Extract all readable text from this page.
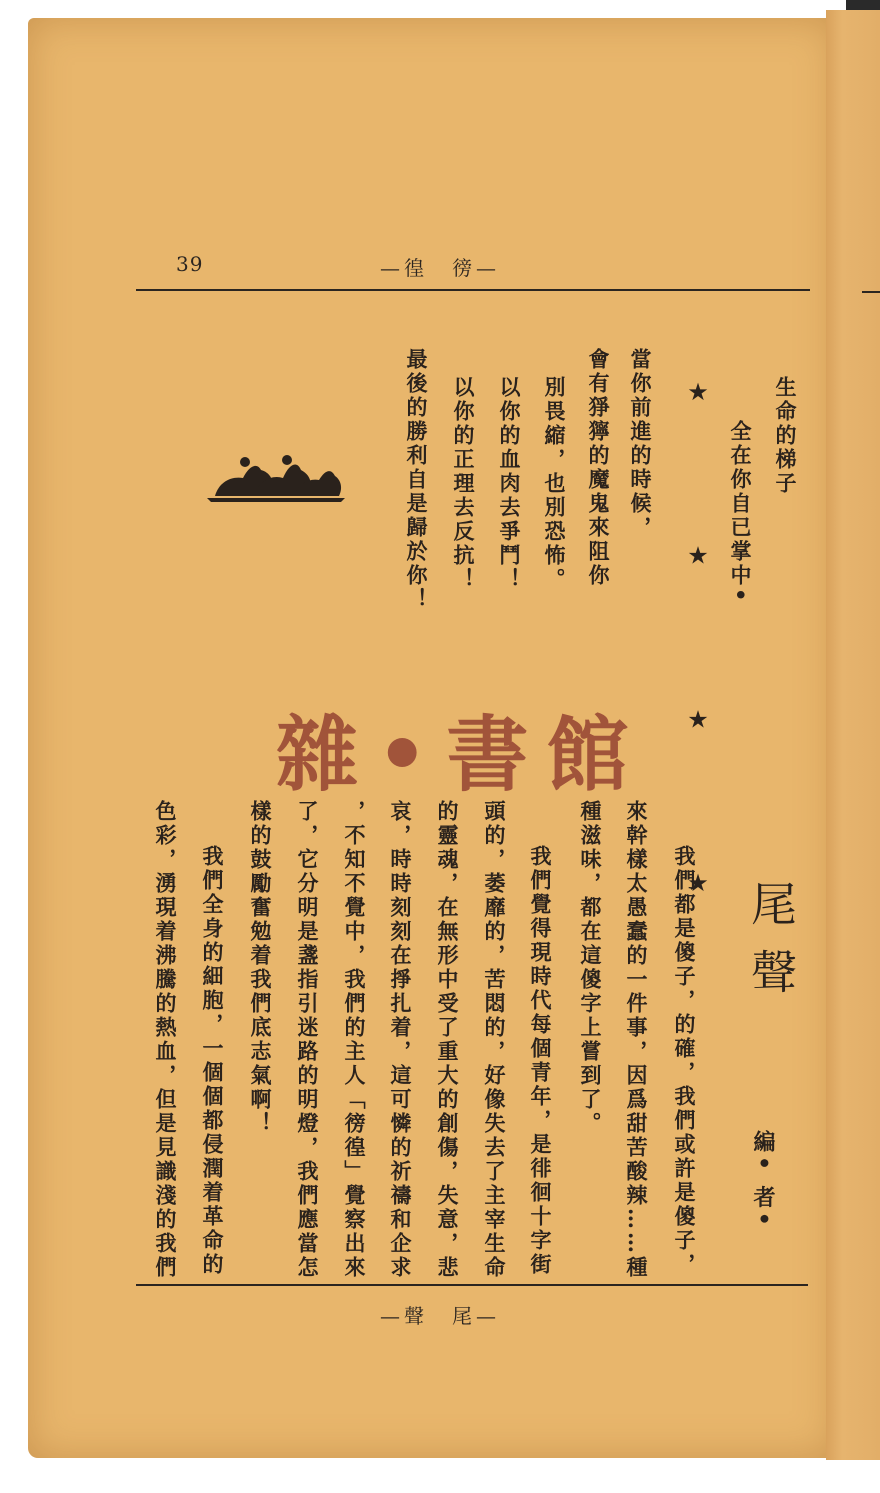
39	—徨　徬—
生命的梯子
全在你自已掌中•
★ ★ ★ ★
當你前進的時候，
會有猙獰的魔鬼來阻你
別畏縮，也別恐怖。
以你的血肉去爭鬥！
以你的正理去反抗！
最後的勝利自是歸於你！
雜•書館
尾聲
編• 者•
我們都是傻子，的確，我們或許是傻子，
來幹樣太愚蠢的一件事，因爲甜苦酸辣……種
種滋味，都在這傻字上嘗到了。
我們覺得現時代每個青年，是徘徊十字街
頭的，萎靡的，苦悶的，好像失去了主宰生命
的靈魂，在無形中受了重大的創傷，失意，悲
哀，時時刻刻在掙扎着，這可憐的祈禱和企求
，不知不覺中，我們的主人「徬徨」覺察出來
了，它分明是盞指引迷路的明燈，我們應當怎
樣的鼓勵奮勉着我們底志氣啊！
我們全身的細胞，一個個都侵潤着革命的
色彩，湧現着沸騰的熱血，但是見識淺的我們
—聲　尾—
